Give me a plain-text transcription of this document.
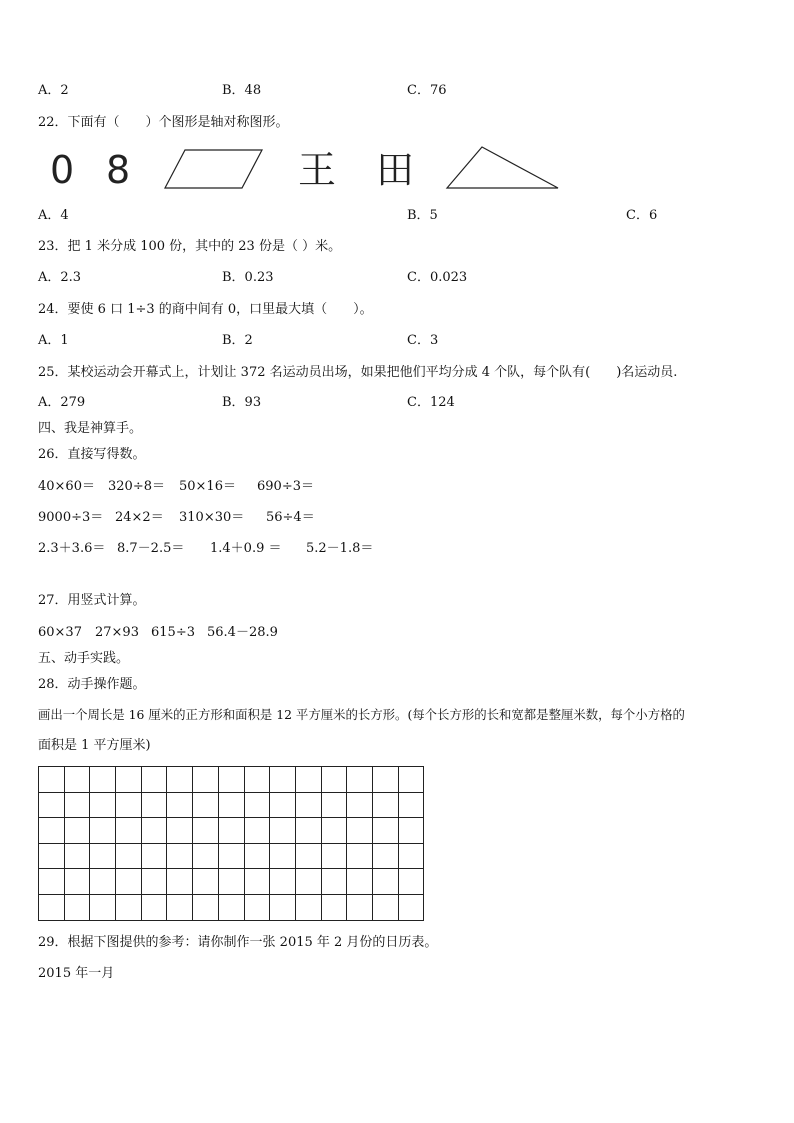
A．2	B．48	C．76
22．下面有（　　）个图形是轴对称图形。
0 8	王 田
A．4	B．5	C．6
23．把 1 米分成 100 份，其中的 23 份是（ ）米。
A．2.3	B．0.23	C．0.023
24．要使 6 口 1÷3 的商中间有 0，口里最大填（　　）。
A．1	B．2	C．3
25．某校运动会开幕式上，计划让 372 名运动员出场，如果把他们平均分成 4 个队，每个队有(　　)名运动员.
A．279	B．93	C．124
四、我是神算手。
26．直接写得数。
40×60＝ 320÷8＝ 50×16＝ 690÷3＝
9000÷3＝ 24×2＝ 310×30＝ 56÷4＝
2.3＋3.6＝ 8.7－2.5＝ 1.4＋0.9 ＝ 5.2－1.8＝
27．用竖式计算。
60×37 27×93 615÷3 56.4－28.9
五、动手实践。
28．动手操作题。
画出一个周长是 16 厘米的正方形和面积是 12 平方厘米的长方形。(每个长方形的长和宽都是整厘米数，每个小方格的
面积是 1 平方厘米)

29．根据下图提供的参考：请你制作一张 2015 年 2 月份的日历表。
2015 年一月
